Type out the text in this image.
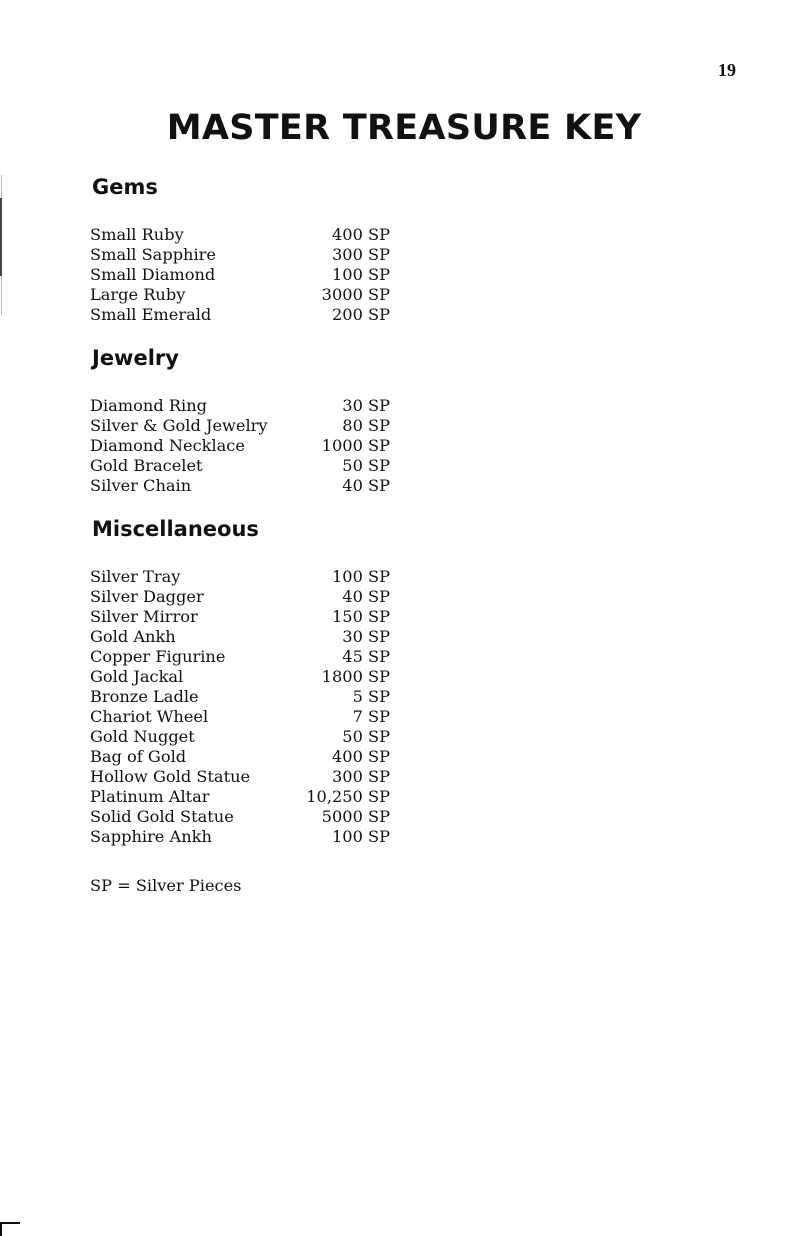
19
MASTER TREASURE KEY
Gems
Small Ruby	400 SP
Small Sapphire	300 SP
Small Diamond	100 SP
Large Ruby	3000 SP
Small Emerald	200 SP
Jewelry
Diamond Ring	30 SP
Silver & Gold Jewelry	80 SP
Diamond Necklace	1000 SP
Gold Bracelet	50 SP
Silver Chain	40 SP
Miscellaneous
Silver Tray	100 SP
Silver Dagger	40 SP
Silver Mirror	150 SP
Gold Ankh	30 SP
Copper Figurine	45 SP
Gold Jackal	1800 SP
Bronze Ladle	5 SP
Chariot Wheel	7 SP
Gold Nugget	50 SP
Bag of Gold	400 SP
Hollow Gold Statue	300 SP
Platinum Altar	10,250 SP
Solid Gold Statue	5000 SP
Sapphire Ankh	100 SP
SP = Silver Pieces
